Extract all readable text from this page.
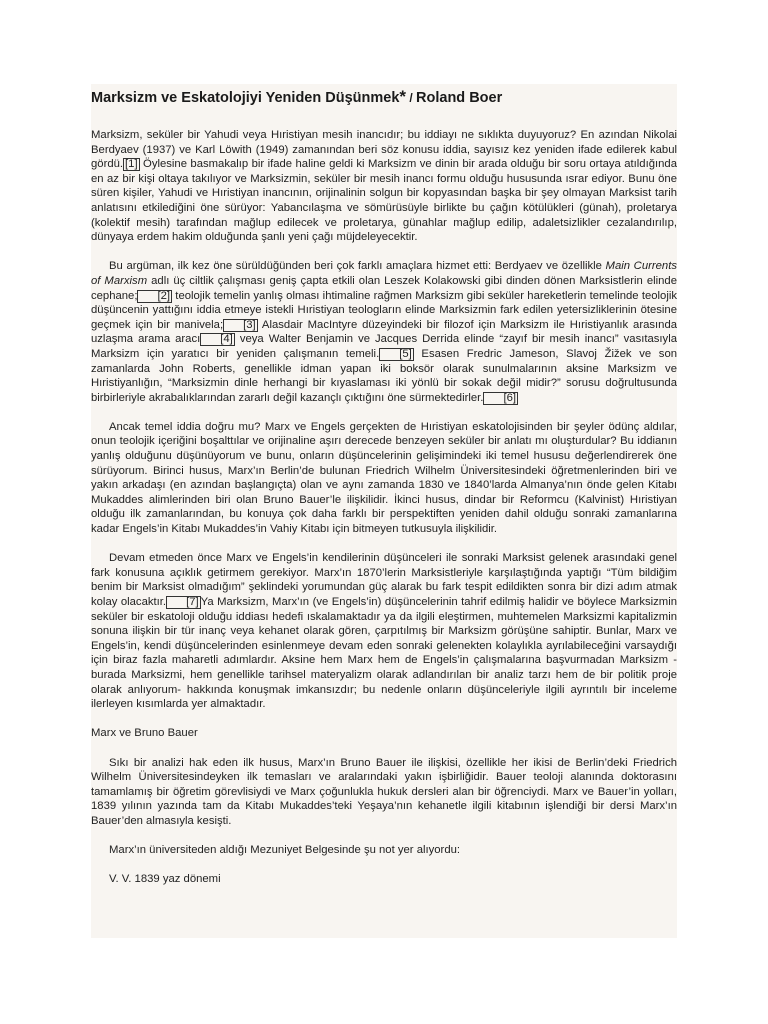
Marksizm ve Eskatolojiyi Yeniden Düşünmek* / Roland Boer

Marksizm, seküler bir Yahudi veya Hıristiyan mesih inancıdır; bu iddiayı ne sıklıkta duyuyoruz? En azından Nikolai Berdyaev (1937) ve Karl Löwith (1949) zamanından beri söz konusu iddia, sayısız kez yeniden ifade edilerek kabul gördü. [1] Öylesine basmakalıp bir ifade haline geldi ki Marksizm ve dinin bir arada olduğu bir soru ortaya atıldığında en az bir kişi oltaya takılıyor ve Marksizmin, seküler bir mesih inancı formu olduğu hususunda ısrar ediyor. Bunu öne süren kişiler, Yahudi ve Hıristiyan inancının, orijinalinin solgun bir kopyasından başka bir şey olmayan Marksist tarih anlatısını etkilediğini öne sürüyor: Yabancılaşma ve sömürüsüyle birlikte bu çağın kötülükleri (günah), proletarya (kolektif mesih) tarafından mağlup edilecek ve proletarya, günahlar mağlup edilip, adaletsizlikler cezalandırılıp, dünyaya erdem hakim olduğunda şanlı yeni çağı müjdeleyecektir.

Bu argüman, ilk kez öne sürüldüğünden beri çok farklı amaçlara hizmet etti: Berdyaev ve özellikle Main Currents of Marxism adlı üç ciltlik çalışması geniş çapta etkili olan Leszek Kolakowski gibi dinden dönen Marksistlerin elinde cephane; [2] teolojik temelin yanlış olması ihtimaline rağmen Marksizm gibi seküler hareketlerin temelinde teolojik düşüncenin yattığını iddia etmeye istekli Hıristiyan teologların elinde Marksizmin fark edilen yetersizliklerinin ötesine geçmek için bir manivela; [3] Alasdair MacIntyre düzeyindeki bir filozof için Marksizm ile Hıristiyanlık arasında uzlaşma arama aracı [4] veya Walter Benjamin ve Jacques Derrida elinde “zayıf bir mesih inancı” vasıtasıyla Marksizm için yaratıcı bir yeniden çalışmanın temeli. [5] Esasen Fredric Jameson, Slavoj Žižek ve son zamanlarda John Roberts, genellikle idman yapan iki boksör olarak sunulmalarının aksine Marksizm ve Hıristiyanlığın, “Marksizmin dinle herhangi bir kıyaslaması iki yönlü bir sokak değil midir?” sorusu doğrultusunda birbirleriyle akrabalıklarından zararlı değil kazançlı çıktığını öne sürmektedirler. [6]

Ancak temel iddia doğru mu? Marx ve Engels gerçekten de Hıristiyan eskatolojisinden bir şeyler ödünç aldılar, onun teolojik içeriğini boşalttılar ve orijinaline aşırı derecede benzeyen seküler bir anlatı mı oluşturdular? Bu iddianın yanlış olduğunu düşünüyorum ve bunu, onların düşüncelerinin gelişimindeki iki temel hususu değerlendirerek öne sürüyorum. Birinci husus, Marx’ın Berlin’de bulunan Friedrich Wilhelm Üniversitesindeki öğretmenlerinden biri ve yakın arkadaşı (en azından başlangıçta) olan ve aynı zamanda 1830 ve 1840’larda Almanya’nın önde gelen Kitabı Mukaddes alimlerinden biri olan Bruno Bauer’le ilişkilidir. İkinci husus, dindar bir Reformcu (Kalvinist) Hıristiyan olduğu ilk zamanlarından, bu konuya çok daha farklı bir perspektiften yeniden dahil olduğu sonraki zamanlarına kadar Engels’in Kitabı Mukaddes’in Vahiy Kitabı için bitmeyen tutkusuyla ilişkilidir.

Devam etmeden önce Marx ve Engels’in kendilerinin düşünceleri ile sonraki Marksist gelenek arasındaki genel fark konusuna açıklık getirmem gerekiyor. Marx’ın 1870’lerin Marksistleriyle karşılaştığında yaptığı “Tüm bildiğim benim bir Marksist olmadığım” şeklindeki yorumundan güç alarak bu fark tespit edildikten sonra bir dizi adım atmak kolay olacaktır. [7] Ya Marksizm, Marx’ın (ve Engels’in) düşüncelerinin tahrif edilmiş halidir ve böylece Marksizmin seküler bir eskatoloji olduğu iddiası hedefi ıskalamaktadır ya da ilgili eleştirmen, muhtemelen Marksizmi kapitalizmin sonuna ilişkin bir tür inanç veya kehanet olarak gören, çarpıtılmış bir Marksizm görüşüne sahiptir. Bunlar, Marx ve Engels’in, kendi düşüncelerinden esinlenmeye devam eden sonraki gelenekten kolaylıkla ayrılabileceğini varsaydığı için biraz fazla maharetli adımlardır. Aksine hem Marx hem de Engels’in çalışmalarına başvurmadan Marksizm -burada Marksizmi, hem genellikle tarihsel materyalizm olarak adlandırılan bir analiz tarzı hem de bir politik proje olarak anlıyorum- hakkında konuşmak imkansızdır; bu nedenle onların düşünceleriyle ilgili ayrıntılı bir inceleme ilerleyen kısımlarda yer almaktadır.

Marx ve Bruno Bauer

Sıkı bir analizi hak eden ilk husus, Marx’ın Bruno Bauer ile ilişkisi, özellikle her ikisi de Berlin’deki Friedrich Wilhelm Üniversitesindeyken ilk temasları ve aralarındaki yakın işbirliğidir. Bauer teoloji alanında doktorasını tamamlamış bir öğretim görevlisiydi ve Marx çoğunlukla hukuk dersleri alan bir öğrenciydi. Marx ve Bauer’in yolları, 1839 yılının yazında tam da Kitabı Mukaddes’teki Yeşaya’nın kehanetle ilgili kitabının işlendiği bir dersi Marx’ın Bauer’den almasıyla kesişti.

Marx’ın üniversiteden aldığı Mezuniyet Belgesinde şu not yer alıyordu:

V. V. 1839 yaz dönemi
